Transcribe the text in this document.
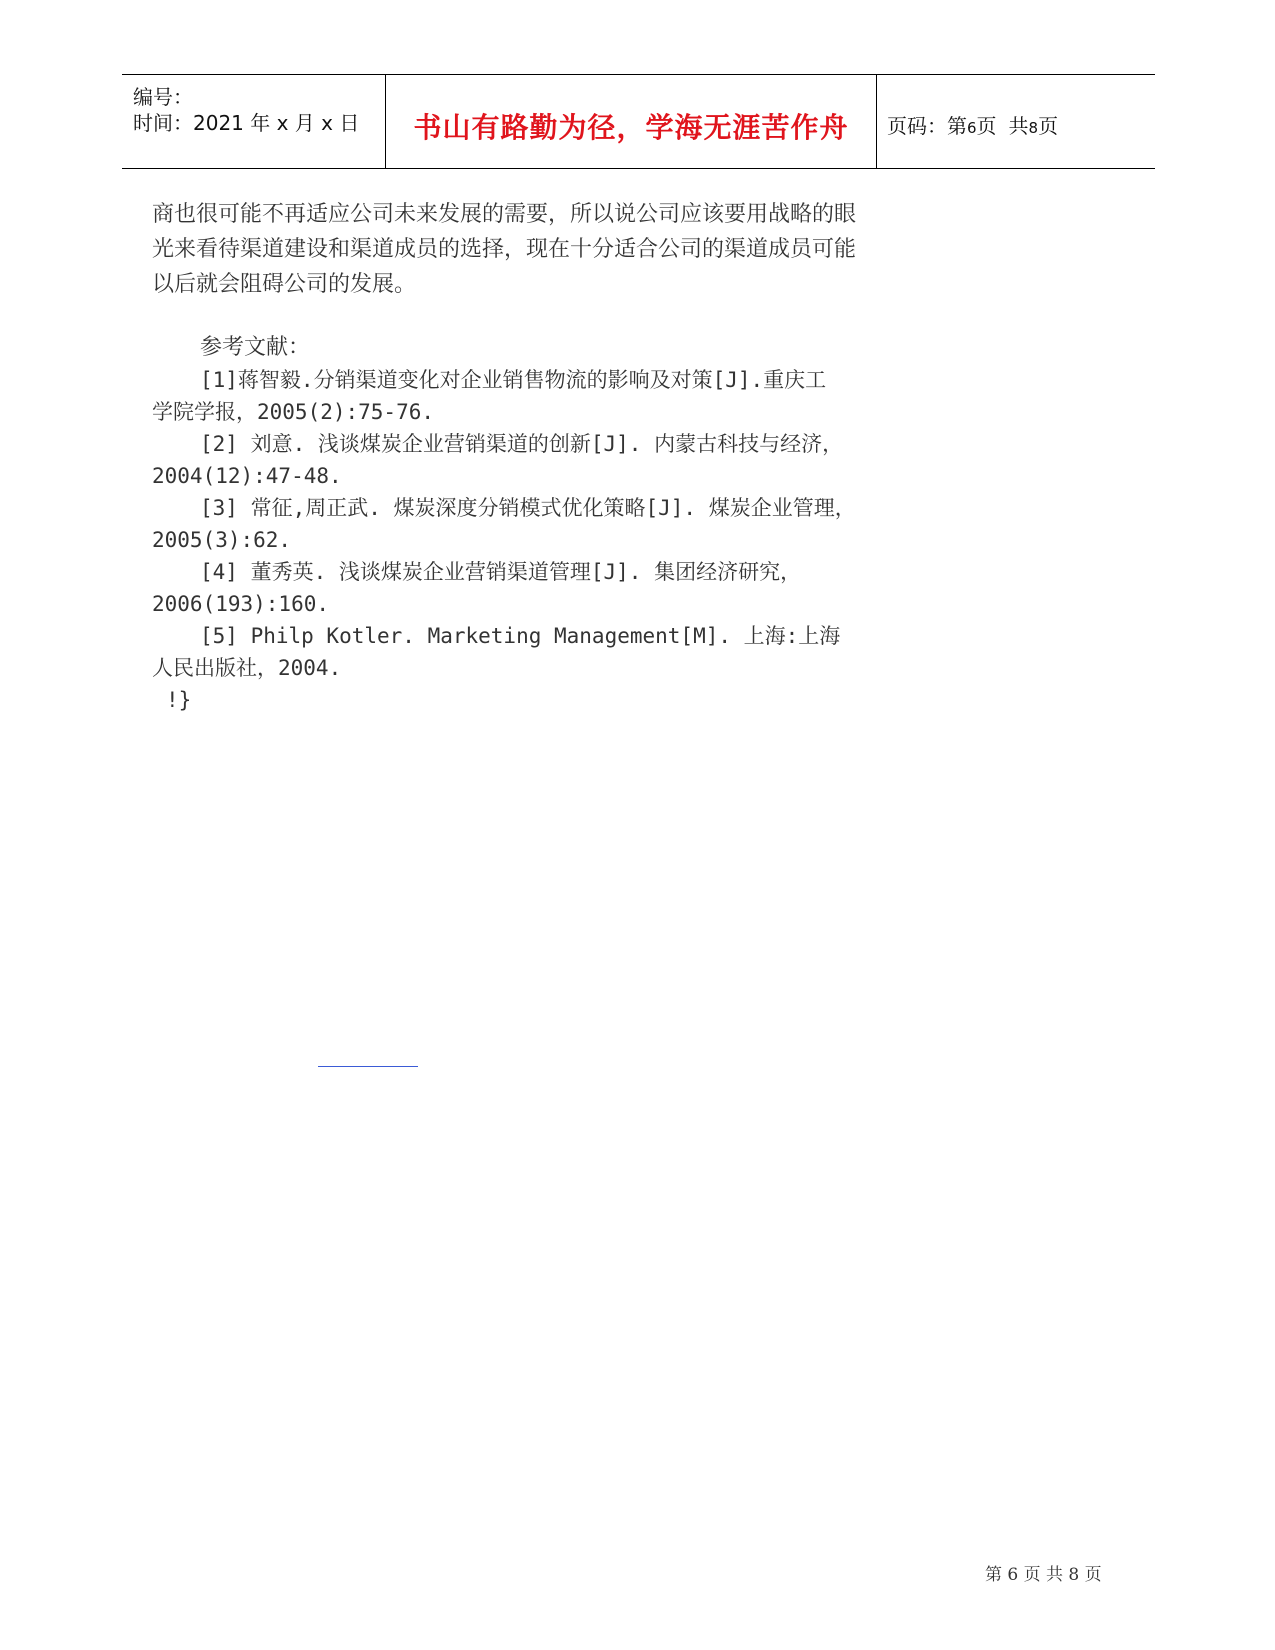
编号：
时间：2021 年 x 月 x 日	书山有路勤为径，学海无涯苦作舟	页码：第6页 共8页
商也很可能不再适应公司未来发展的需要，所以说公司应该要用战略的眼
光来看待渠道建设和渠道成员的选择，现在十分适合公司的渠道成员可能
以后就会阻碍公司的发展。
参考文献：
[1]蒋智毅.分销渠道变化对企业销售物流的影响及对策[J].重庆工
学院学报，2005(2):75-76.
[2] 刘意. 浅谈煤炭企业营销渠道的创新[J]. 内蒙古科技与经济，
2004(12):47-48.
[3] 常征,周正武. 煤炭深度分销模式优化策略[J]. 煤炭企业管理，
2005(3):62.
[4] 董秀英. 浅谈煤炭企业营销渠道管理[J]. 集团经济研究，
2006(193):160.
[5] Philp Kotler. Marketing Management[M]. 上海:上海
人民出版社，2004.
!}
第 6 页 共 8 页
